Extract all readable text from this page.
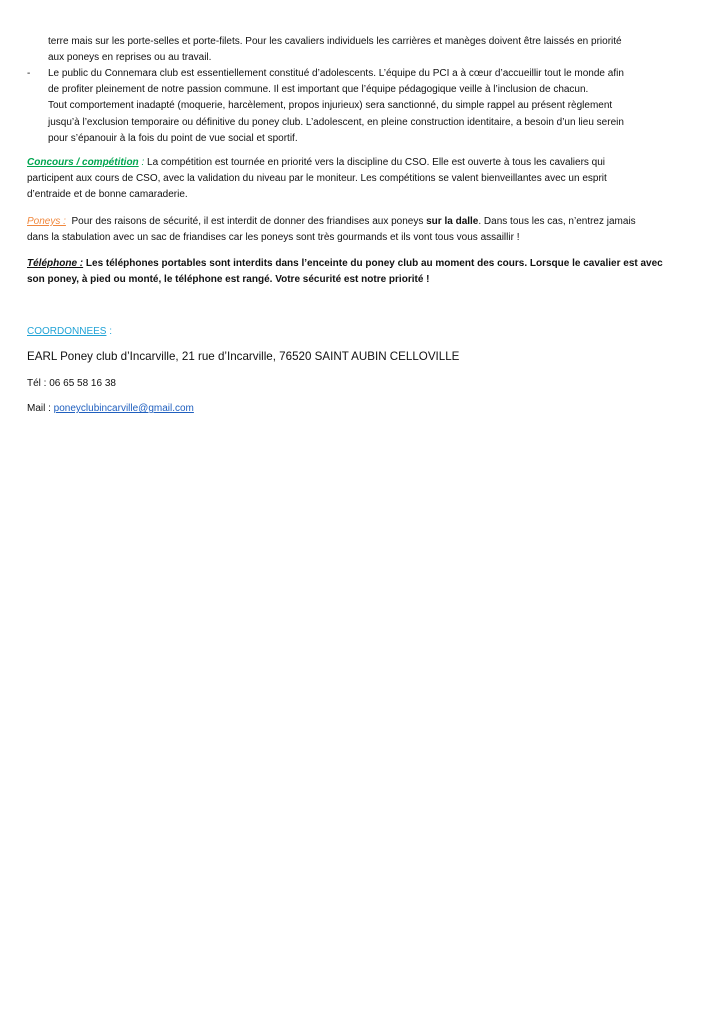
terre mais sur les porte-selles et porte-filets. Pour les cavaliers individuels les carrières et manèges doivent être laissés en priorité
aux poneys en reprises ou au travail.
- Le public du Connemara club est essentiellement constitué d’adolescents. L’équipe du PCI a à cœur d’accueillir tout le monde afin
de profiter pleinement de notre passion commune. Il est important que l’équipe pédagogique veille à l’inclusion de chacun.
Tout comportement inadapté (moquerie, harcèlement, propos injurieux) sera sanctionné, du simple rappel au présent règlement
jusqu’à l’exclusion temporaire ou définitive du poney club. L’adolescent, en pleine construction identitaire, a besoin d’un lieu serein
pour s’épanouir à la fois du point de vue social et sportif.
Concours / compétition : La compétition est tournée en priorité vers la discipline du CSO. Elle est ouverte à tous les cavaliers qui
participent aux cours de CSO, avec la validation du niveau par le moniteur. Les compétitions se valent bienveillantes avec un esprit
d’entraide et de bonne camaraderie.
Poneys :  Pour des raisons de sécurité, il est interdit de donner des friandises aux poneys sur la dalle. Dans tous les cas, n’entrez jamais
dans la stabulation avec un sac de friandises car les poneys sont très gourmands et ils vont tous vous assaillir !
Téléphone : Les téléphones portables sont interdits dans l’enceinte du poney club au moment des cours. Lorsque le cavalier est avec
son poney, à pied ou monté, le téléphone est rangé. Votre sécurité est notre priorité !
COORDONNEES :
EARL Poney club d’Incarville, 21 rue d’Incarville, 76520 SAINT AUBIN CELLOVILLE
Tél : 06 65 58 16 38
Mail : poneyclubincarville@gmail.com
